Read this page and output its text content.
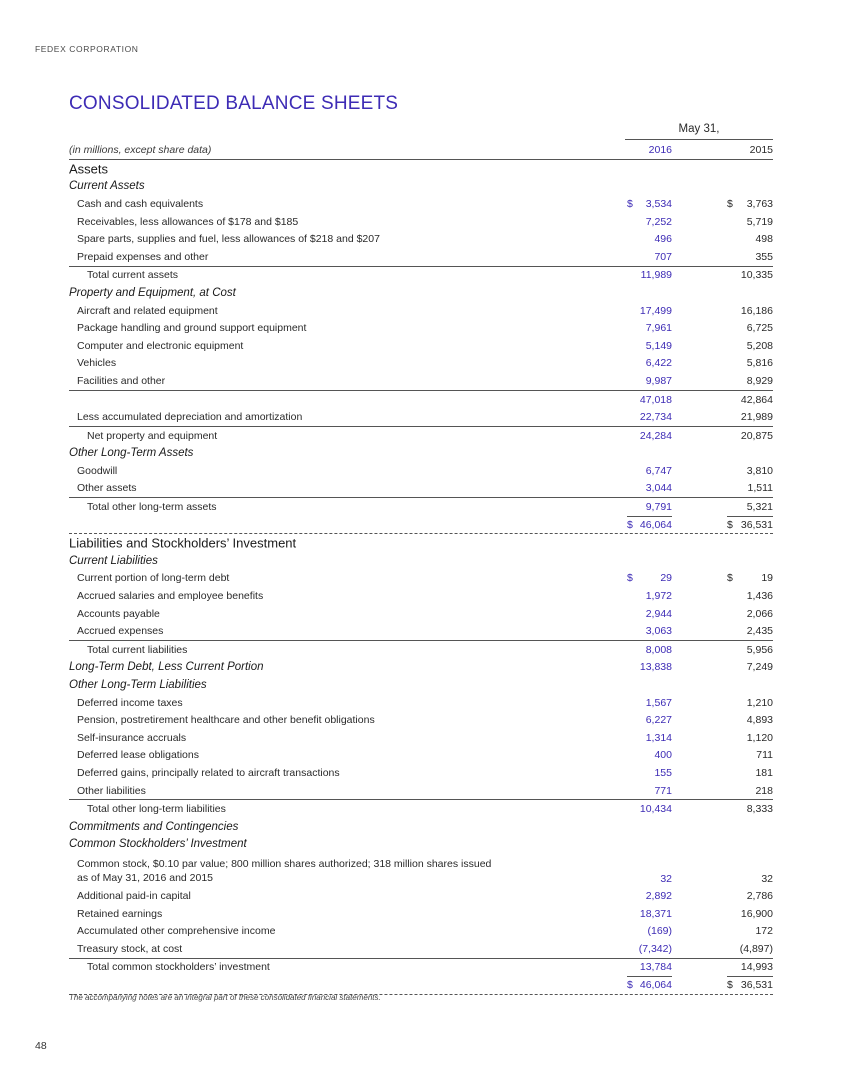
FEDEX CORPORATION
CONSOLIDATED BALANCE SHEETS
May 31,
(in millions, except share data)	2016	2015
Assets
Current Assets
Cash and cash equivalents	3,534	3,763
$	$
Receivables, less allowances of $178 and $185	7,252	5,719
Spare parts, supplies and fuel, less allowances of $218 and $207	496	498
Prepaid expenses and other	707	355
Total current assets	11,989	10,335
Property and Equipment, at Cost
Aircraft and related equipment	17,499	16,186
Package handling and ground support equipment	7,961	6,725
Computer and electronic equipment	5,149	5,208
Vehicles	6,422	5,816
Facilities and other	9,987	8,929
47,018	42,864
Less accumulated depreciation and amortization	22,734	21,989
Net property and equipment	24,284	20,875
Other Long-Term Assets
Goodwill	6,747	3,810
Other assets	3,044	1,511
Total other long-term assets	9,791	5,321
46,064	36,531
$	$
Liabilities and Stockholders’ Investment
Current Liabilities
Current portion of long-term debt	29	19
$	$
Accrued salaries and employee benefits	1,972	1,436
Accounts payable	2,944	2,066
Accrued expenses	3,063	2,435
Total current liabilities	8,008	5,956
Long-Term Debt, Less Current Portion	13,838	7,249
Other Long-Term Liabilities
Deferred income taxes	1,567	1,210
Pension, postretirement healthcare and other benefit obligations	6,227	4,893
Self-insurance accruals	1,314	1,120
Deferred lease obligations	400	711
Deferred gains, principally related to aircraft transactions	155	181
Other liabilities	771	218
Total other long-term liabilities	10,434	8,333
Commitments and Contingencies
Common Stockholders’ Investment
Common stock, $0.10 par value; 800 million shares authorized; 318 million shares issued as of May 31, 2016 and 2015	32	32
Additional paid-in capital	2,892	2,786
Retained earnings	18,371	16,900
Accumulated other comprehensive income	(169)	172
Treasury stock, at cost	(7,342)	(4,897)
Total common stockholders’ investment	13,784	14,993
46,064	36,531
$	$
The accompanying notes are an integral part of these consolidated financial statements.
48
